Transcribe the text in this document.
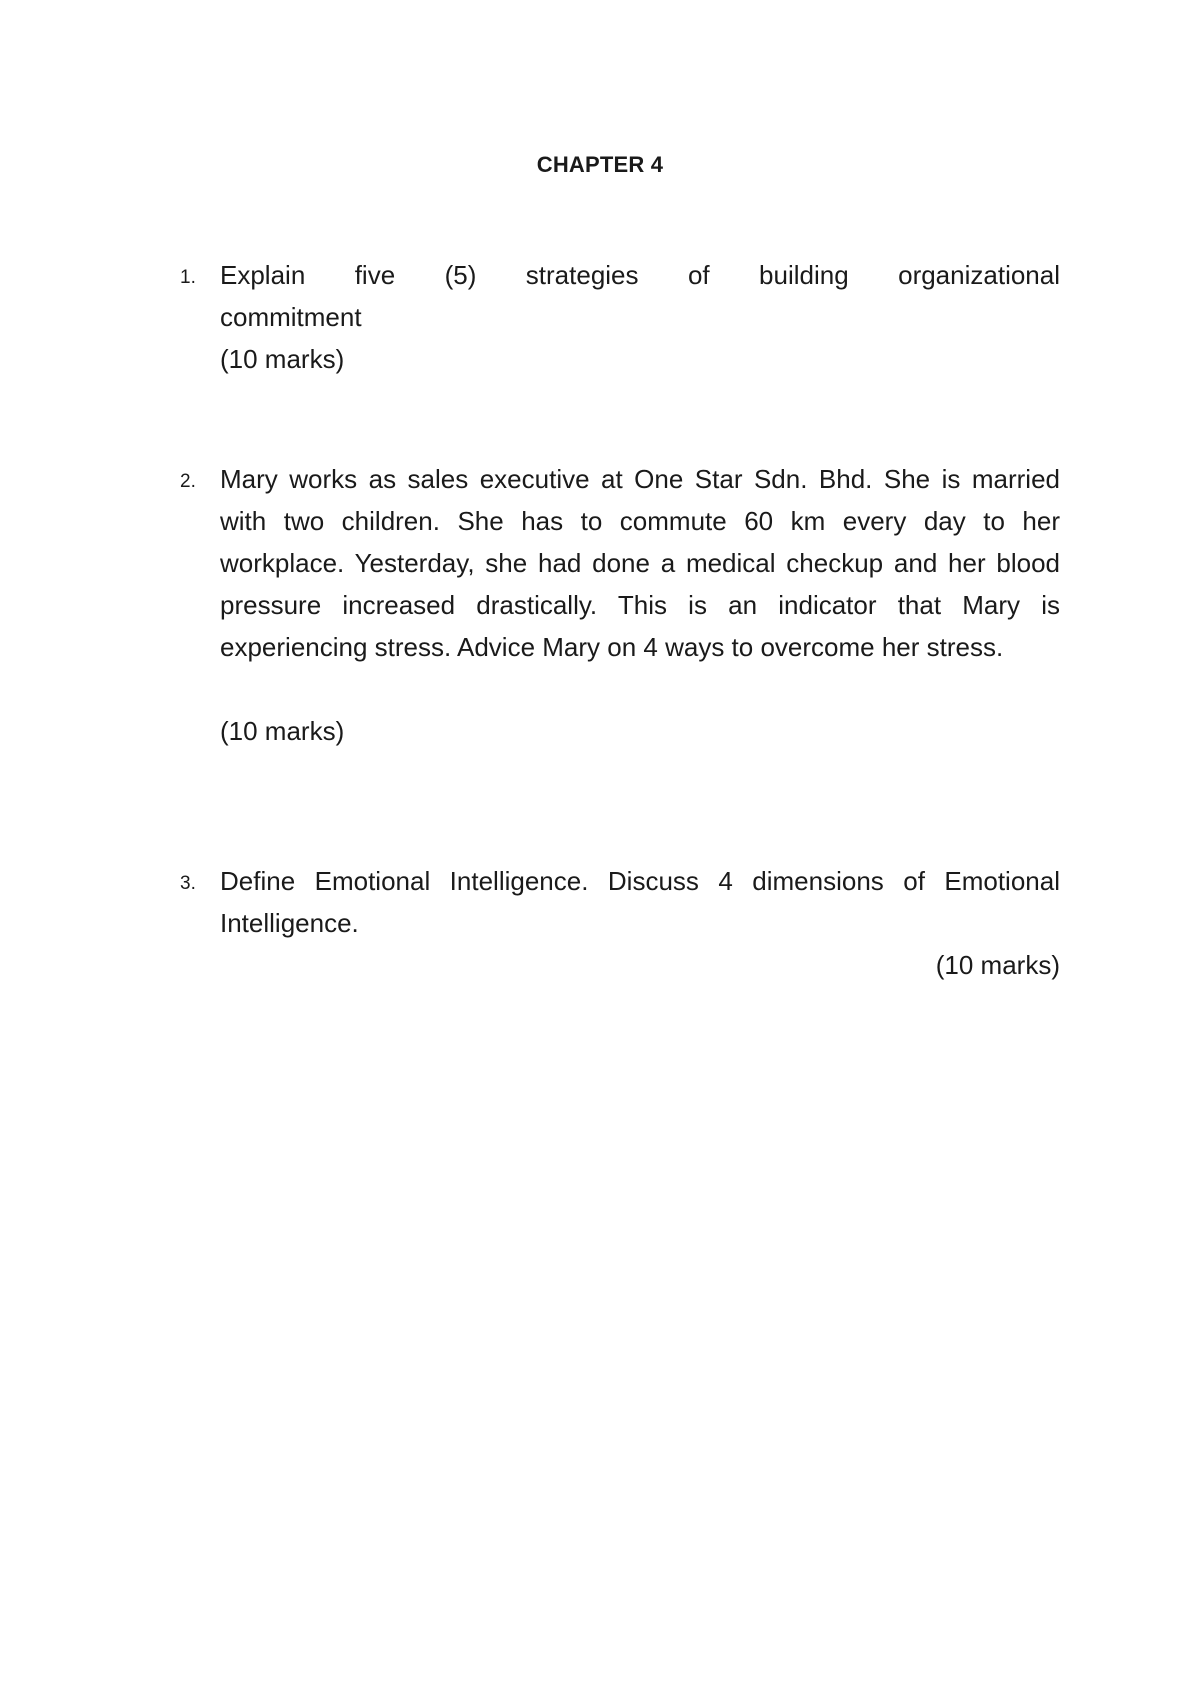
CHAPTER 4
1. Explain five (5) strategies of building organizational
commitment
(10 marks)
2. Mary works as sales executive at One Star Sdn. Bhd. She is married with two children. She has to commute 60 km every day to her workplace. Yesterday, she had done a medical checkup and her blood pressure increased drastically. This is an indicator that Mary is experiencing stress. Advice Mary on 4 ways to overcome her stress.
(10 marks)
3. Define Emotional Intelligence. Discuss 4 dimensions of Emotional Intelligence.
(10 marks)
